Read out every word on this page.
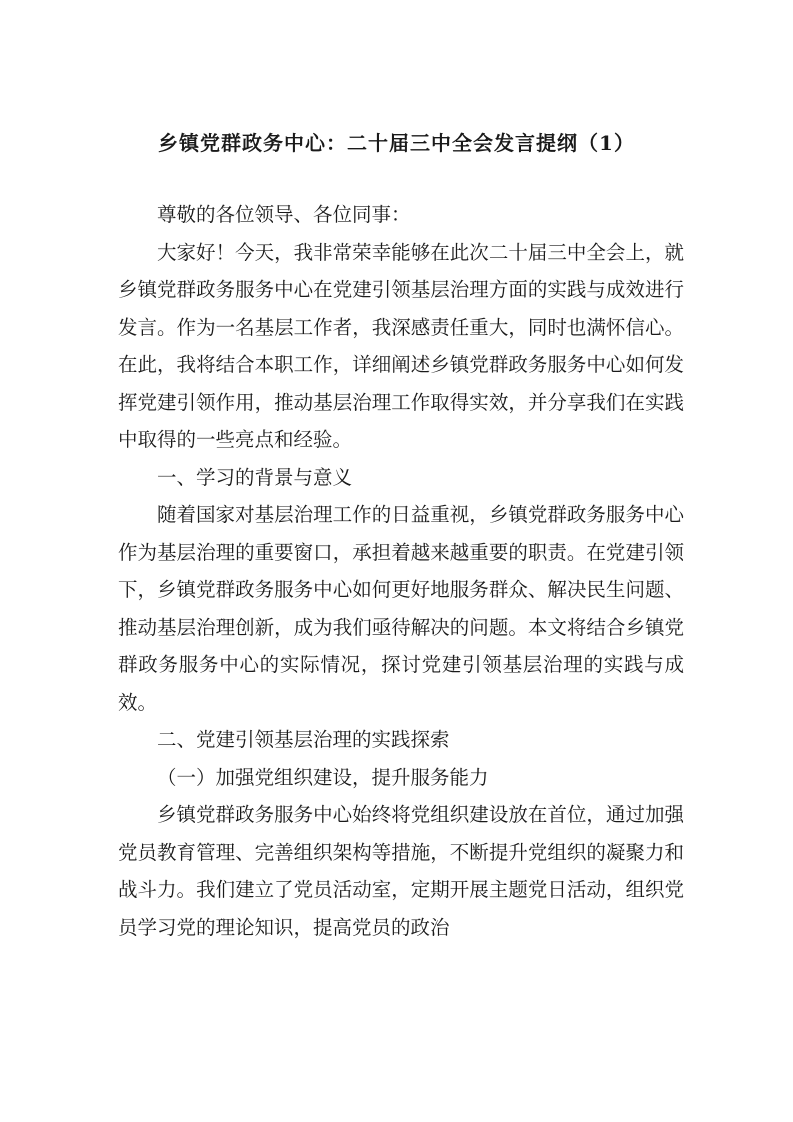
乡镇党群政务中心：二十届三中全会发言提纲（1）

尊敬的各位领导、各位同事：

大家好！今天，我非常荣幸能够在此次二十届三中全会上，就乡镇党群政务服务中心在党建引领基层治理方面的实践与成效进行发言。作为一名基层工作者，我深感责任重大，同时也满怀信心。在此，我将结合本职工作，详细阐述乡镇党群政务服务中心如何发挥党建引领作用，推动基层治理工作取得实效，并分享我们在实践中取得的一些亮点和经验。

一、学习的背景与意义

随着国家对基层治理工作的日益重视，乡镇党群政务服务中心作为基层治理的重要窗口，承担着越来越重要的职责。在党建引领下，乡镇党群政务服务中心如何更好地服务群众、解决民生问题、推动基层治理创新，成为我们亟待解决的问题。本文将结合乡镇党群政务服务中心的实际情况，探讨党建引领基层治理的实践与成效。

二、党建引领基层治理的实践探索

（一）加强党组织建设，提升服务能力

乡镇党群政务服务中心始终将党组织建设放在首位，通过加强党员教育管理、完善组织架构等措施，不断提升党组织的凝聚力和战斗力。我们建立了党员活动室，定期开展主题党日活动，组织党员学习党的理论知识，提高党员的政治
